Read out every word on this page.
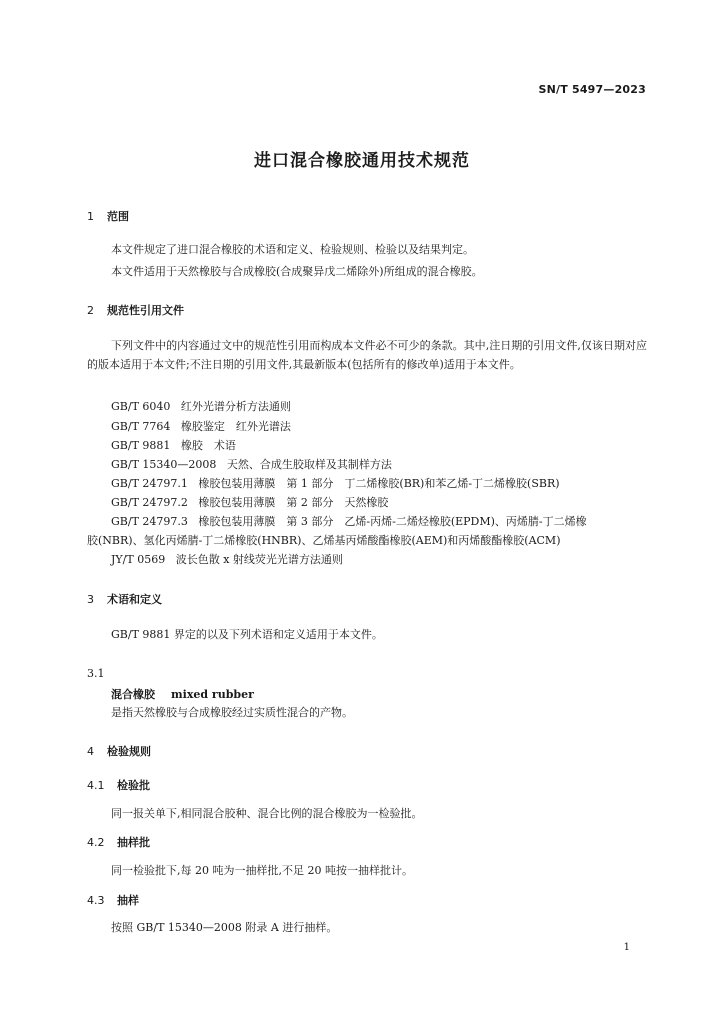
SN/T 5497—2023
进口混合橡胶通用技术规范
1 范围
本文件规定了进口混合橡胶的术语和定义、检验规则、检验以及结果判定。
本文件适用于天然橡胶与合成橡胶(合成聚异戊二烯除外)所组成的混合橡胶。
2 规范性引用文件
下列文件中的内容通过文中的规范性引用而构成本文件必不可少的条款。其中,注日期的引用文件,仅该日期对应的版本适用于本文件;不注日期的引用文件,其最新版本(包括所有的修改单)适用于本文件。
GB/T 6040 红外光谱分析方法通则
GB/T 7764 橡胶鉴定　红外光谱法
GB/T 9881 橡胶　术语
GB/T 15340—2008 天然、合成生胶取样及其制样方法
GB/T 24797.1 橡胶包装用薄膜　第 1 部分　丁二烯橡胶(BR)和苯乙烯-丁二烯橡胶(SBR)
GB/T 24797.2 橡胶包装用薄膜　第 2 部分　天然橡胶
GB/T 24797.3 橡胶包装用薄膜　第 3 部分　乙烯-丙烯-二烯烃橡胶(EPDM)、丙烯腈-丁二烯橡
胶(NBR)、氢化丙烯腈-丁二烯橡胶(HNBR)、乙烯基丙烯酸酯橡胶(AEM)和丙烯酸酯橡胶(ACM)
JY/T 0569 波长色散 x 射线荧光光谱方法通则
3 术语和定义
GB/T 9881 界定的以及下列术语和定义适用于本文件。
3.1
混合橡胶 mixed rubber
是指天然橡胶与合成橡胶经过实质性混合的产物。
4 检验规则
4.1 检验批
同一报关单下,相同混合胶种、混合比例的混合橡胶为一检验批。
4.2 抽样批
同一检验批下,每 20 吨为一抽样批,不足 20 吨按一抽样批计。
4.3 抽样
按照 GB/T 15340—2008 附录 A 进行抽样。
1
